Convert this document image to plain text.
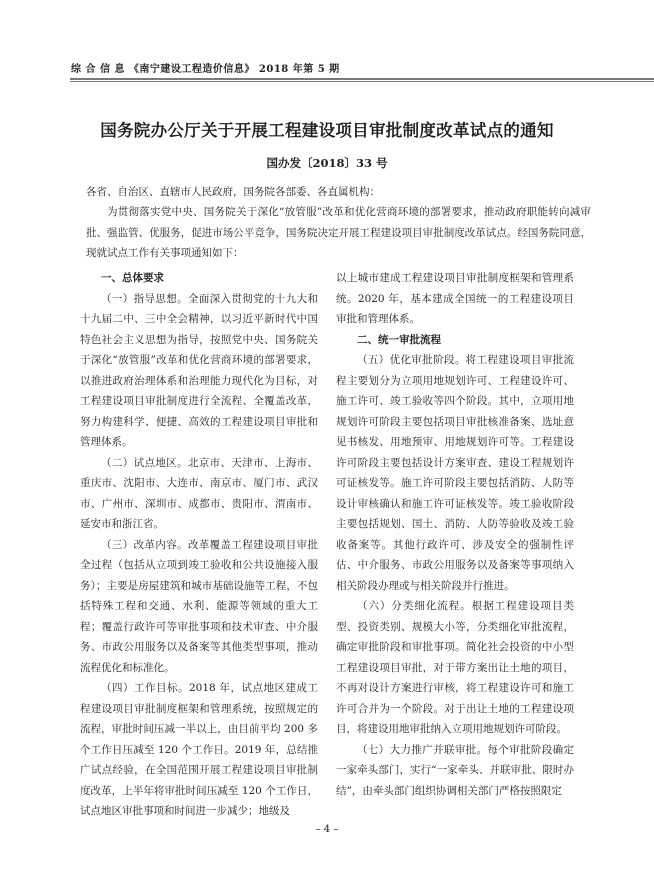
综 合 信 息 《南宁建设工程造价信息》 2018 年第 5 期
国务院办公厅关于开展工程建设项目审批制度改革试点的通知
国办发〔2018〕33 号
各省、自治区、直辖市人民政府，国务院各部委、各直属机构：

为贯彻落实党中央、国务院关于深化“放管服”改革和优化营商环境的部署要求，推动政府职能转向减审批、强监管、优服务，促进市场公平竞争，国务院决定开展工程建设项目审批制度改革试点。经国务院同意，现就试点工作有关事项通知如下：

一、总体要求

（一）指导思想。全面深入贯彻党的十九大和十九届二中、三中全会精神，以习近平新时代中国特色社会主义思想为指导，按照党中央、国务院关于深化“放管服”改革和优化营商环境的部署要求，以推进政府治理体系和治理能力现代化为目标，对工程建设项目审批制度进行全流程、全覆盖改革，努力构建科学、便捷、高效的工程建设项目审批和管理体系。

（二）试点地区。北京市、天津市、上海市、重庆市、沈阳市、大连市、南京市、厦门市、武汉市、广州市、深圳市、成都市、贵阳市、渭南市、延安市和浙江省。

（三）改革内容。改革覆盖工程建设项目审批全过程（包括从立项到竣工验收和公共设施接入服务）；主要是房屋建筑和城市基础设施等工程，不包括特殊工程和交通、水利、能源等领域的重大工程；覆盖行政许可等审批事项和技术审查、中介服务、市政公用服务以及备案等其他类型事项，推动流程优化和标准化。

（四）工作目标。2018 年，试点地区建成工程建设项目审批制度框架和管理系统，按照规定的流程，审批时间压减一半以上，由目前平均 200 多个工作日压减至 120 个工作日。2019 年，总结推广试点经验，在全国范围开展工程建设项目审批制度改革，上半年将审批时间压减至 120 个工作日，试点地区审批事项和时间进一步减少；地级及

以上城市建成工程建设项目审批制度框架和管理系统。2020 年，基本建成全国统一的工程建设项目审批和管理体系。

二、统一审批流程

（五）优化审批阶段。将工程建设项目审批流程主要划分为立项用地规划许可、工程建设许可、施工许可、竣工验收等四个阶段。其中，立项用地规划许可阶段主要包括项目审批核准备案、选址意见书核发、用地预审、用地规划许可等。工程建设许可阶段主要包括设计方案审查、建设工程规划许可证核发等。施工许可阶段主要包括消防、人防等设计审核确认和施工许可证核发等。竣工验收阶段主要包括规划、国土、消防、人防等验收及竣工验收备案等。其他行政许可、涉及安全的强制性评估、中介服务、市政公用服务以及备案等事项纳入相关阶段办理或与相关阶段并行推进。

（六）分类细化流程。根据工程建设项目类型、投资类别、规模大小等，分类细化审批流程，确定审批阶段和审批事项。简化社会投资的中小型工程建设项目审批，对于带方案出让土地的项目，不再对设计方案进行审核，将工程建设许可和施工许可合并为一个阶段。对于出让土地的工程建设项目，将建设用地审批纳入立项用地规划许可阶段。

（七）大力推广并联审批。每个审批阶段确定一家牵头部门，实行“一家牵头、并联审批、限时办结”，由牵头部门组织协调相关部门严格按照限定

– 4 –
